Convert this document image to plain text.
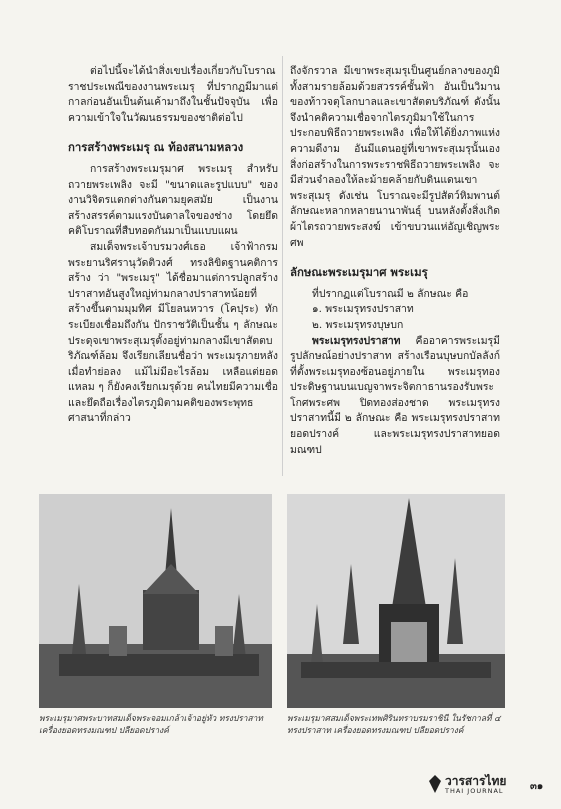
ต่อไปนี้จะได้นำสิ่งเขปเรื่องเกี่ยวกับโบราณราชประเพณีของงานพระเมรุ ที่ปรากฏมีมาแต่กาลก่อนอันเป็นต้นเค้ามาถึงในชั้นปัจจุบัน เพื่อความเข้าใจในวัฒนธรรมของชาติต่อไป

การสร้างพระเมรุ ณ ท้องสนามหลวง

การสร้างพระเมรุมาศ พระเมรุ สำหรับถวายพระเพลิง จะมี "ขนาดและรูปแบบ" ของงานวิจิตรแตกต่างกันตามยุคสมัย เป็นงานสร้างสรรค์ตามแรงบันดาลใจของช่าง โดยยึดคติโบราณที่สืบทอดกันมาเป็นแบบแผน

สมเด็จพระเจ้าบรมวงศ์เธอ เจ้าฟ้ากรมพระยานริศรานุวัดติวงศ์ ทรงลิขิตฐานคติการสร้าง ว่า "พระเมรุ" ได้ชื่อมาแต่การปลูกสร้างปราสาทอันสูงใหญ่ท่ามกลางปราสาทน้อยที่สร้างขึ้นตามมุมทิศ มีโยลนหวาร (โคปุระ) ทักระเบียงเชื่อมถึงกัน ปักราชวัติเป็นชั้น ๆ ลักษณะประดุจเขาพระสุเมรุตั้งอยู่ท่ามกลางมีเขาสัตตบริภัณฑ์ล้อม จึงเรียกเลียนชื่อว่า พระเมรุภายหลังเมื่อทำย่อลง แม้ไม่มีอะไรล้อม เหลือแต่ยอดแหลม ๆ ก็ยังคงเรียกเมรุด้วย คนไทยมีความเชื่อและยึดถือเรื่องไตรภูมิตามคติของพระพุทธศาสนาที่กล่าว

ถึงจักรวาล มีเขาพระสุเมรุเป็นศูนย์กลางของภูมิทั้งสามรายล้อมด้วยสวรรค์ชั้นฟ้า อันเป็นวิมานของท้าวจตุโลกบาลและเขาสัตตบริภัณฑ์ ดังนั้น จึงนำคติความเชื่อจากไตรภูมิมาใช้ในการประกอบพิธีถวายพระเพลิง เพื่อให้ได้ยิ่งภาพแห่งความดีงาม อันมีแดนอยู่ที่เขาพระสุเมรุนั้นเอง สิ่งก่อสร้างในการพระราชพิธีถวายพระเพลิง จะมีส่วนจำลองให้ละม้ายคล้ายกับดินแดนเขาพระสุเมรุ ดังเช่น โบราณจะมีรูปสัตว์หิมพานต์ลักษณะหลากหลายนานาพันธุ์ บนหลังตั้งสิ่งเกิดผ้าไตรถวายพระสงฆ์ เข้าขบวนแห่อัญเชิญพระศพ

ลักษณะพระเมรุมาศ พระเมรุ

ที่ปรากฏแต่โบราณมี ๒ ลักษณะ คือ

๑. พระเมรุทรงปราสาท

๒. พระเมรุทรงบุษบก

พระเมรุทรงปราสาท คืออาคารพระเมรุมีรูปลักษณ์อย่างปราสาท สร้างเรือนบุษบกบัลลังก์ที่ตั้งพระเมรุทองซ้อนอยู่ภายใน พระเมรุทองประดิษฐานบนเบญจาพระจิตกาธานรองรับพระโกศพระศพ ปิดทองส่องชาด พระเมรุทรงปราสาทนี้มี ๒ ลักษณะ คือ พระเมรุทรงปราสาทยอดปรางค์ และพระเมรุทรงปราสาทยอดมณฑป

พระเมรุมาศพระบาทสมเด็จพระจอมเกล้าเจ้าอยู่หัว ทรงปราสาทเครื่องยอดทรงมณฑป ปลียอดปรางค์
พระเมรุมาศสมเด็จพระเทพศิรินทราบรมราชินี ในรัชกาลที่ ๔ ทรงปราสาท เครื่องยอดทรงมณฑป ปลียอดปรางค์
วารสารไทย
THAI JOURNAL	๓๑
